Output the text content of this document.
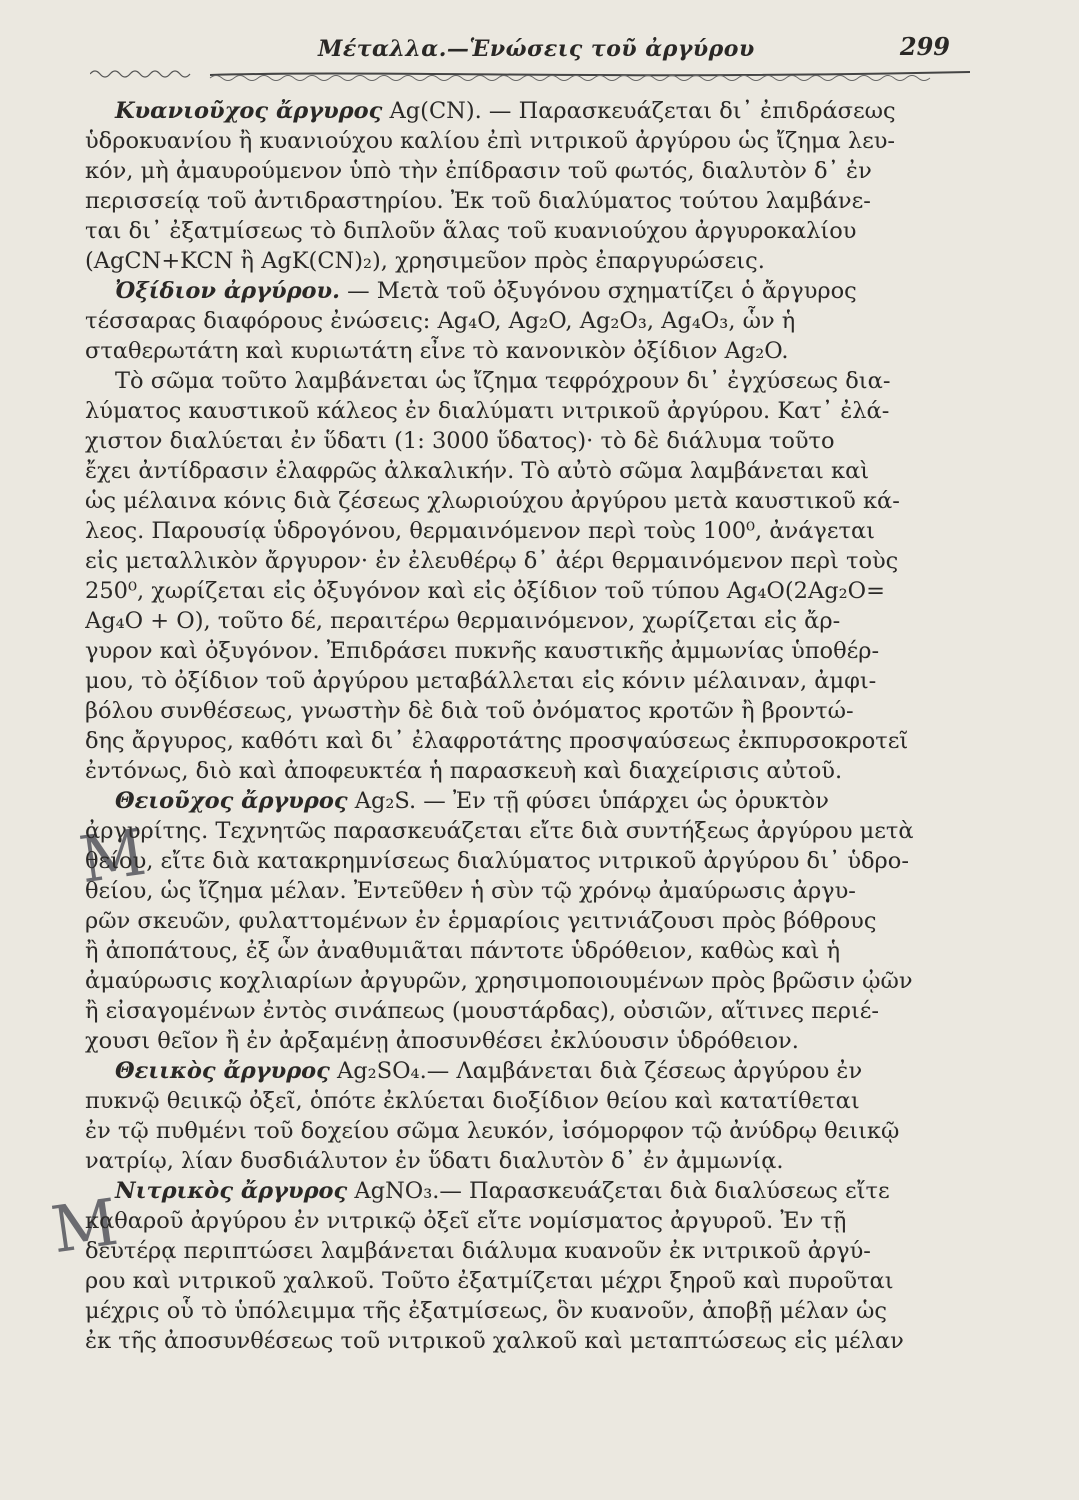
Μέταλλα.—Ἑνώσεις τοῦ ἀργύρου	299
M
M
Κυανιοῦχος ἄργυρος Ag(CN). — Παρασκευάζεται δι᾽ ἐπιδράσεως
ὑδροκυανίου ἢ κυανιούχου καλίου ἐπὶ νιτρικοῦ ἀργύρου ὡς ἴζημα λευ-
κόν, μὴ ἀμαυρούμενον ὑπὸ τὴν ἐπίδρασιν τοῦ φωτός, διαλυτὸν δ᾽ ἐν
περισσείᾳ τοῦ ἀντιδραστηρίου. Ἐκ τοῦ διαλύματος τούτου λαμβάνε-
ται δι᾽ ἐξατμίσεως τὸ διπλοῦν ἅλας τοῦ κυανιούχου ἀργυροκαλίου
(AgCN+KCN ἢ AgK(CN)₂), χρησιμεῦον πρὸς ἐπαργυρώσεις.
Ὀξίδιον ἀργύρου. — Μετὰ τοῦ ὀξυγόνου σχηματίζει ὁ ἄργυρος
τέσσαρας διαφόρους ἐνώσεις: Ag₄O, Ag₂O, Ag₂O₃, Ag₄O₃, ὧν ἡ
σταθερωτάτη καὶ κυριωτάτη εἶνε τὸ κανονικὸν ὀξίδιον Ag₂O.
Τὸ σῶμα τοῦτο λαμβάνεται ὡς ἴζημα τεφρόχρουν δι᾽ ἐγχύσεως δια-
λύματος καυστικοῦ κάλεος ἐν διαλύματι νιτρικοῦ ἀργύρου. Κατ᾽ ἐλά-
χιστον διαλύεται ἐν ὕδατι (1: 3000 ὕδατος)· τὸ δὲ διάλυμα τοῦτο
ἔχει ἀντίδρασιν ἐλαφρῶς ἀλκαλικήν. Τὸ αὐτὸ σῶμα λαμβάνεται καὶ
ὡς μέλαινα κόνις διὰ ζέσεως χλωριούχου ἀργύρου μετὰ καυστικοῦ κά-
λεος. Παρουσίᾳ ὑδρογόνου, θερμαινόμενον περὶ τοὺς 100⁰, ἀνάγεται
εἰς μεταλλικὸν ἄργυρον· ἐν ἐλευθέρῳ δ᾽ ἀέρι θερμαινόμενον περὶ τοὺς
250⁰, χωρίζεται εἰς ὀξυγόνον καὶ εἰς ὀξίδιον τοῦ τύπου Ag₄O(2Ag₂O=
Ag₄O + O), τοῦτο δέ, περαιτέρω θερμαινόμενον, χωρίζεται εἰς ἄρ-
γυρον καὶ ὀξυγόνον. Ἐπιδράσει πυκνῆς καυστικῆς ἀμμωνίας ὑποθέρ-
μου, τὸ ὀξίδιον τοῦ ἀργύρου μεταβάλλεται εἰς κόνιν μέλαιναν, ἀμφι-
βόλου συνθέσεως, γνωστὴν δὲ διὰ τοῦ ὀνόματος κροτῶν ἢ βροντώ-
δης ἄργυρος, καθότι καὶ δι᾽ ἐλαφροτάτης προσψαύσεως ἐκπυρσοκροτεῖ
ἐντόνως, διὸ καὶ ἀποφευκτέα ἡ παρασκευὴ καὶ διαχείρισις αὐτοῦ.
Θειοῦχος ἄργυρος Ag₂S. — Ἐν τῇ φύσει ὑπάρχει ὡς ὀρυκτὸν
ἀργυρίτης. Τεχνητῶς παρασκευάζεται εἴτε διὰ συντήξεως ἀργύρου μετὰ
θείου, εἴτε διὰ κατακρημνίσεως διαλύματος νιτρικοῦ ἀργύρου δι᾽ ὑδρο-
θείου, ὡς ἴζημα μέλαν. Ἐντεῦθεν ἡ σὺν τῷ χρόνῳ ἀμαύρωσις ἀργυ-
ρῶν σκευῶν, φυλαττομένων ἐν ἑρμαρίοις γειτνιάζουσι πρὸς βόθρους
ἢ ἀποπάτους, ἐξ ὧν ἀναθυμιᾶται πάντοτε ὑδρόθειον, καθὼς καὶ ἡ
ἀμαύρωσις κοχλιαρίων ἀργυρῶν, χρησιμοποιουμένων πρὸς βρῶσιν ᾠῶν
ἢ εἰσαγομένων ἐντὸς σινάπεως (μουστάρδας), οὐσιῶν, αἵτινες περιέ-
χουσι θεῖον ἢ ἐν ἀρξαμένῃ ἀποσυνθέσει ἐκλύουσιν ὑδρόθειον.
Θειικὸς ἄργυρος Ag₂SO₄.— Λαμβάνεται διὰ ζέσεως ἀργύρου ἐν
πυκνῷ θειικῷ ὀξεῖ, ὁπότε ἐκλύεται διοξίδιον θείου καὶ κατατίθεται
ἐν τῷ πυθμένι τοῦ δοχείου σῶμα λευκόν, ἰσόμορφον τῷ ἀνύδρῳ θειικῷ
νατρίῳ, λίαν δυσδιάλυτον ἐν ὕδατι διαλυτὸν δ᾽ ἐν ἀμμωνίᾳ.
Νιτρικὸς ἄργυρος AgNO₃.— Παρασκευάζεται διὰ διαλύσεως εἴτε
καθαροῦ ἀργύρου ἐν νιτρικῷ ὀξεῖ εἴτε νομίσματος ἀργυροῦ. Ἐν τῇ
δευτέρᾳ περιπτώσει λαμβάνεται διάλυμα κυανοῦν ἐκ νιτρικοῦ ἀργύ-
ρου καὶ νιτρικοῦ χαλκοῦ. Τοῦτο ἐξατμίζεται μέχρι ξηροῦ καὶ πυροῦται
μέχρις οὗ τὸ ὑπόλειμμα τῆς ἐξατμίσεως, ὃν κυανοῦν, ἀποβῇ μέλαν ὡς
ἐκ τῆς ἀποσυνθέσεως τοῦ νιτρικοῦ χαλκοῦ καὶ μεταπτώσεως εἰς μέλαν
